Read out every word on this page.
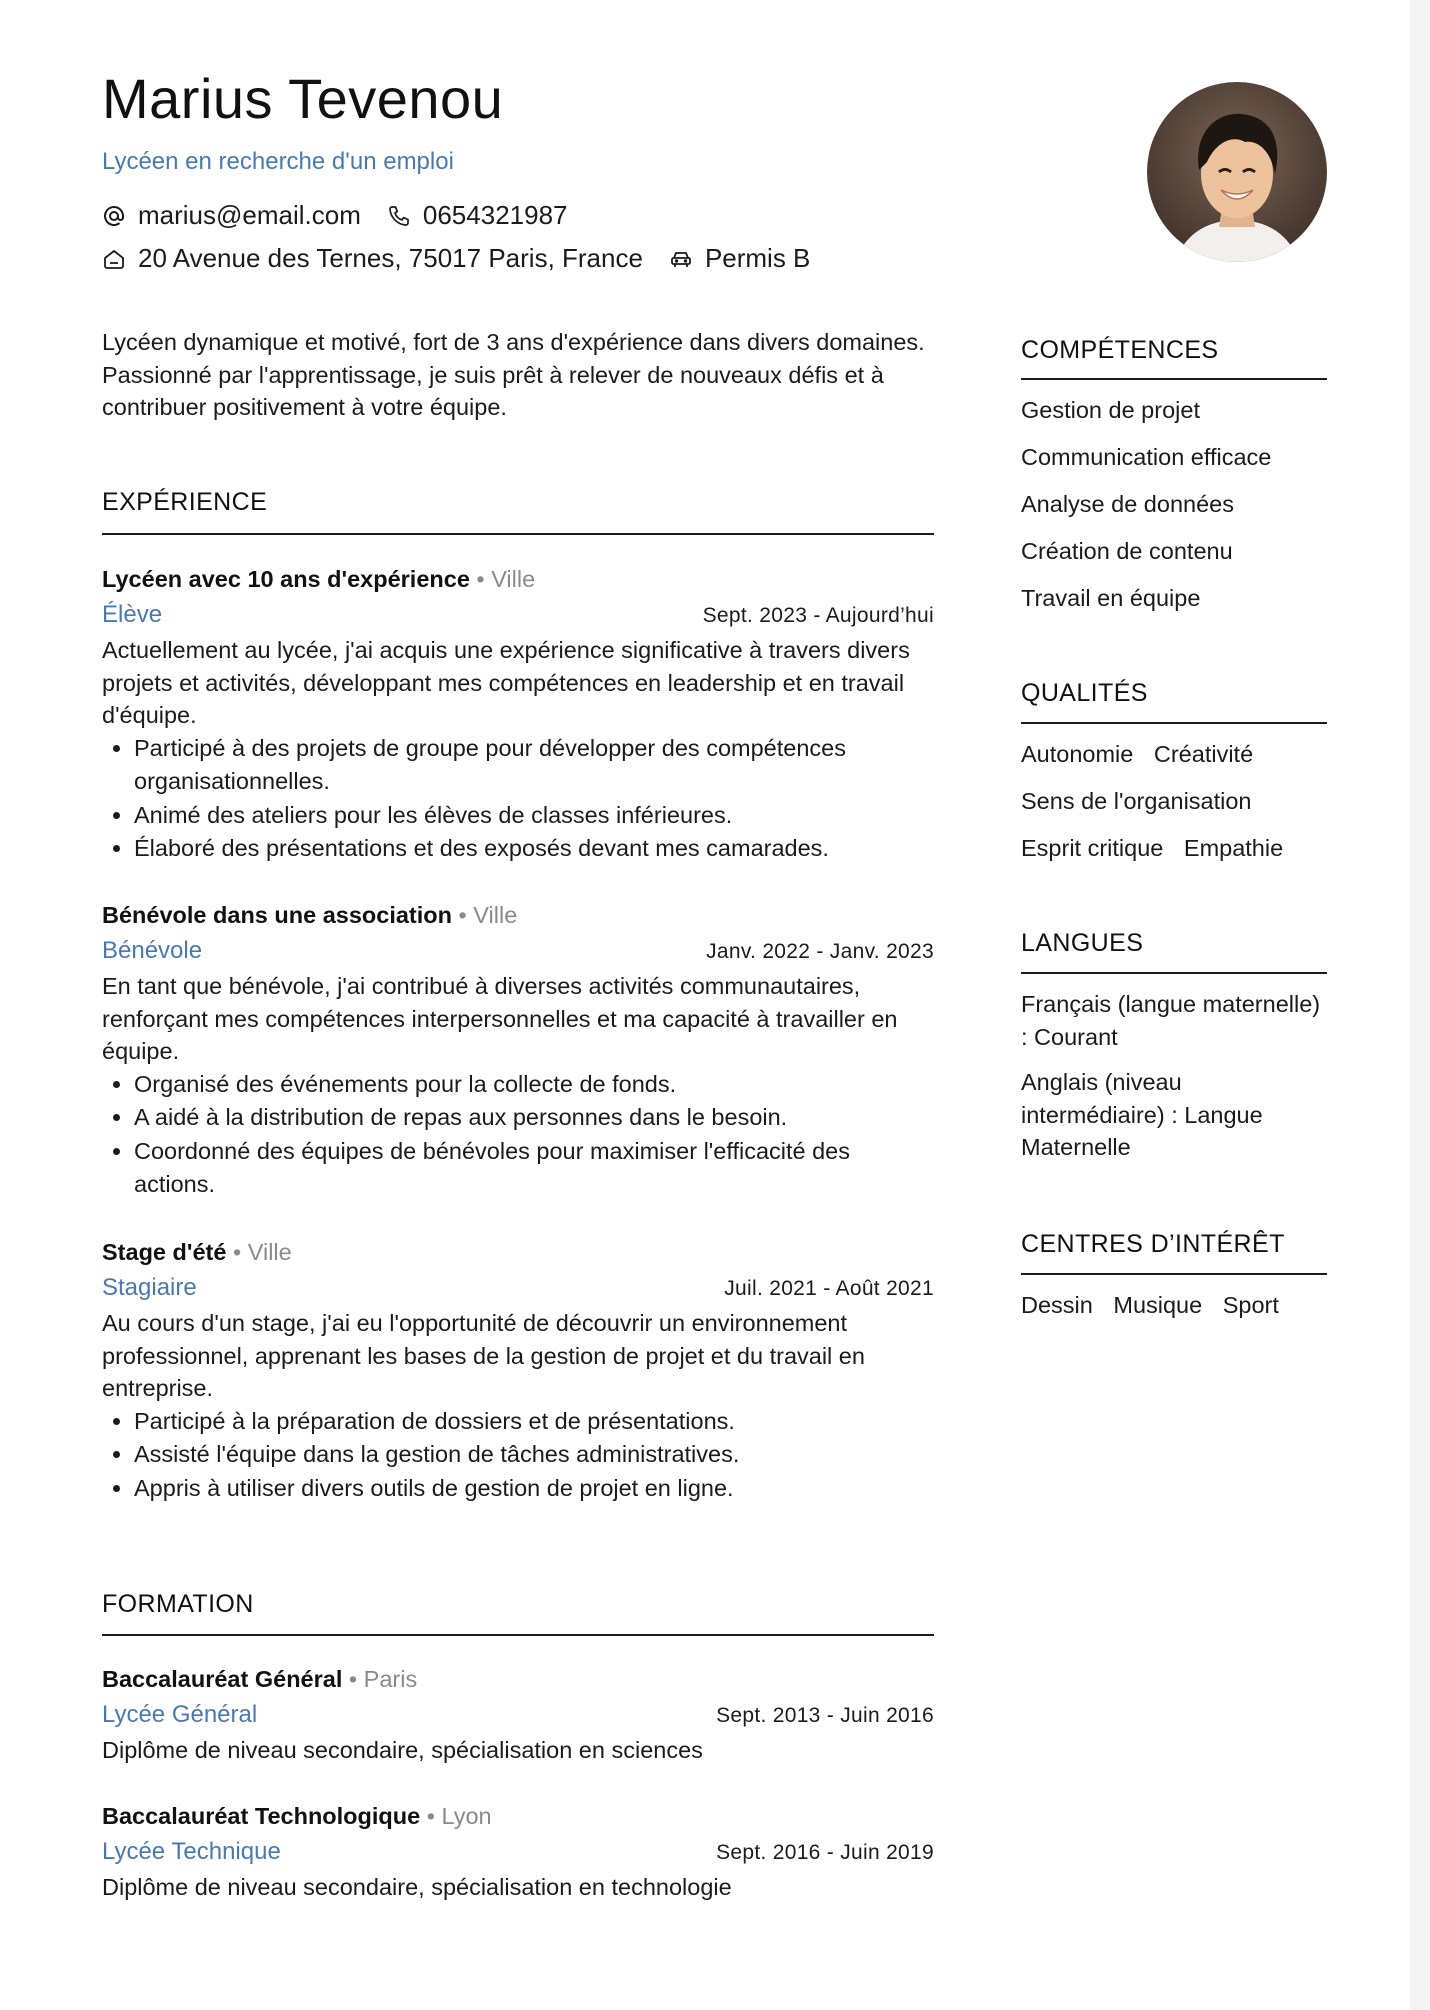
Marius Tevenou
Lycéen en recherche d'un emploi
marius@email.com 0654321987
20 Avenue des Ternes, 75017 Paris, France Permis B

Lycéen dynamique et motivé, fort de 3 ans d'expérience dans divers domaines. Passionné par l'apprentissage, je suis prêt à relever de nouveaux défis et à contribuer positivement à votre équipe.

EXPÉRIENCE
Lycéen avec 10 ans d'expérience • Ville
Élève	Sept. 2023 - Aujourd’hui

Actuellement au lycée, j'ai acquis une expérience significative à travers divers projets et activités, développant mes compétences en leadership et en travail d'équipe.

• Participé à des projets de groupe pour développer des compétences organisationnelles.
• Animé des ateliers pour les élèves de classes inférieures.
• Élaboré des présentations et des exposés devant mes camarades.
Bénévole dans une association • Ville
Bénévole	Janv. 2022 - Janv. 2023

En tant que bénévole, j'ai contribué à diverses activités communautaires, renforçant mes compétences interpersonnelles et ma capacité à travailler en équipe.

• Organisé des événements pour la collecte de fonds.
• A aidé à la distribution de repas aux personnes dans le besoin.
• Coordonné des équipes de bénévoles pour maximiser l'efficacité des actions.
Stage d'été • Ville
Stagiaire	Juil. 2021 - Août 2021

Au cours d'un stage, j'ai eu l'opportunité de découvrir un environnement professionnel, apprenant les bases de la gestion de projet et du travail en entreprise.

• Participé à la préparation de dossiers et de présentations.
• Assisté l'équipe dans la gestion de tâches administratives.
• Appris à utiliser divers outils de gestion de projet en ligne.
FORMATION
Baccalauréat Général • Paris
Lycée Général	Sept. 2013 - Juin 2016

Diplôme de niveau secondaire, spécialisation en sciences

Baccalauréat Technologique • Lyon
Lycée Technique	Sept. 2016 - Juin 2019

Diplôme de niveau secondaire, spécialisation en technologie

COMPÉTENCES
Gestion de projet
Communication efficace
Analyse de données
Création de contenu
Travail en équipe
QUALITÉS
Autonomie Créativité
Sens de l'organisation
Esprit critique Empathie
LANGUES
Français (langue maternelle) : Courant
Anglais (niveau intermédiaire) : Langue Maternelle
CENTRES D’INTÉRÊT
Dessin Musique Sport
